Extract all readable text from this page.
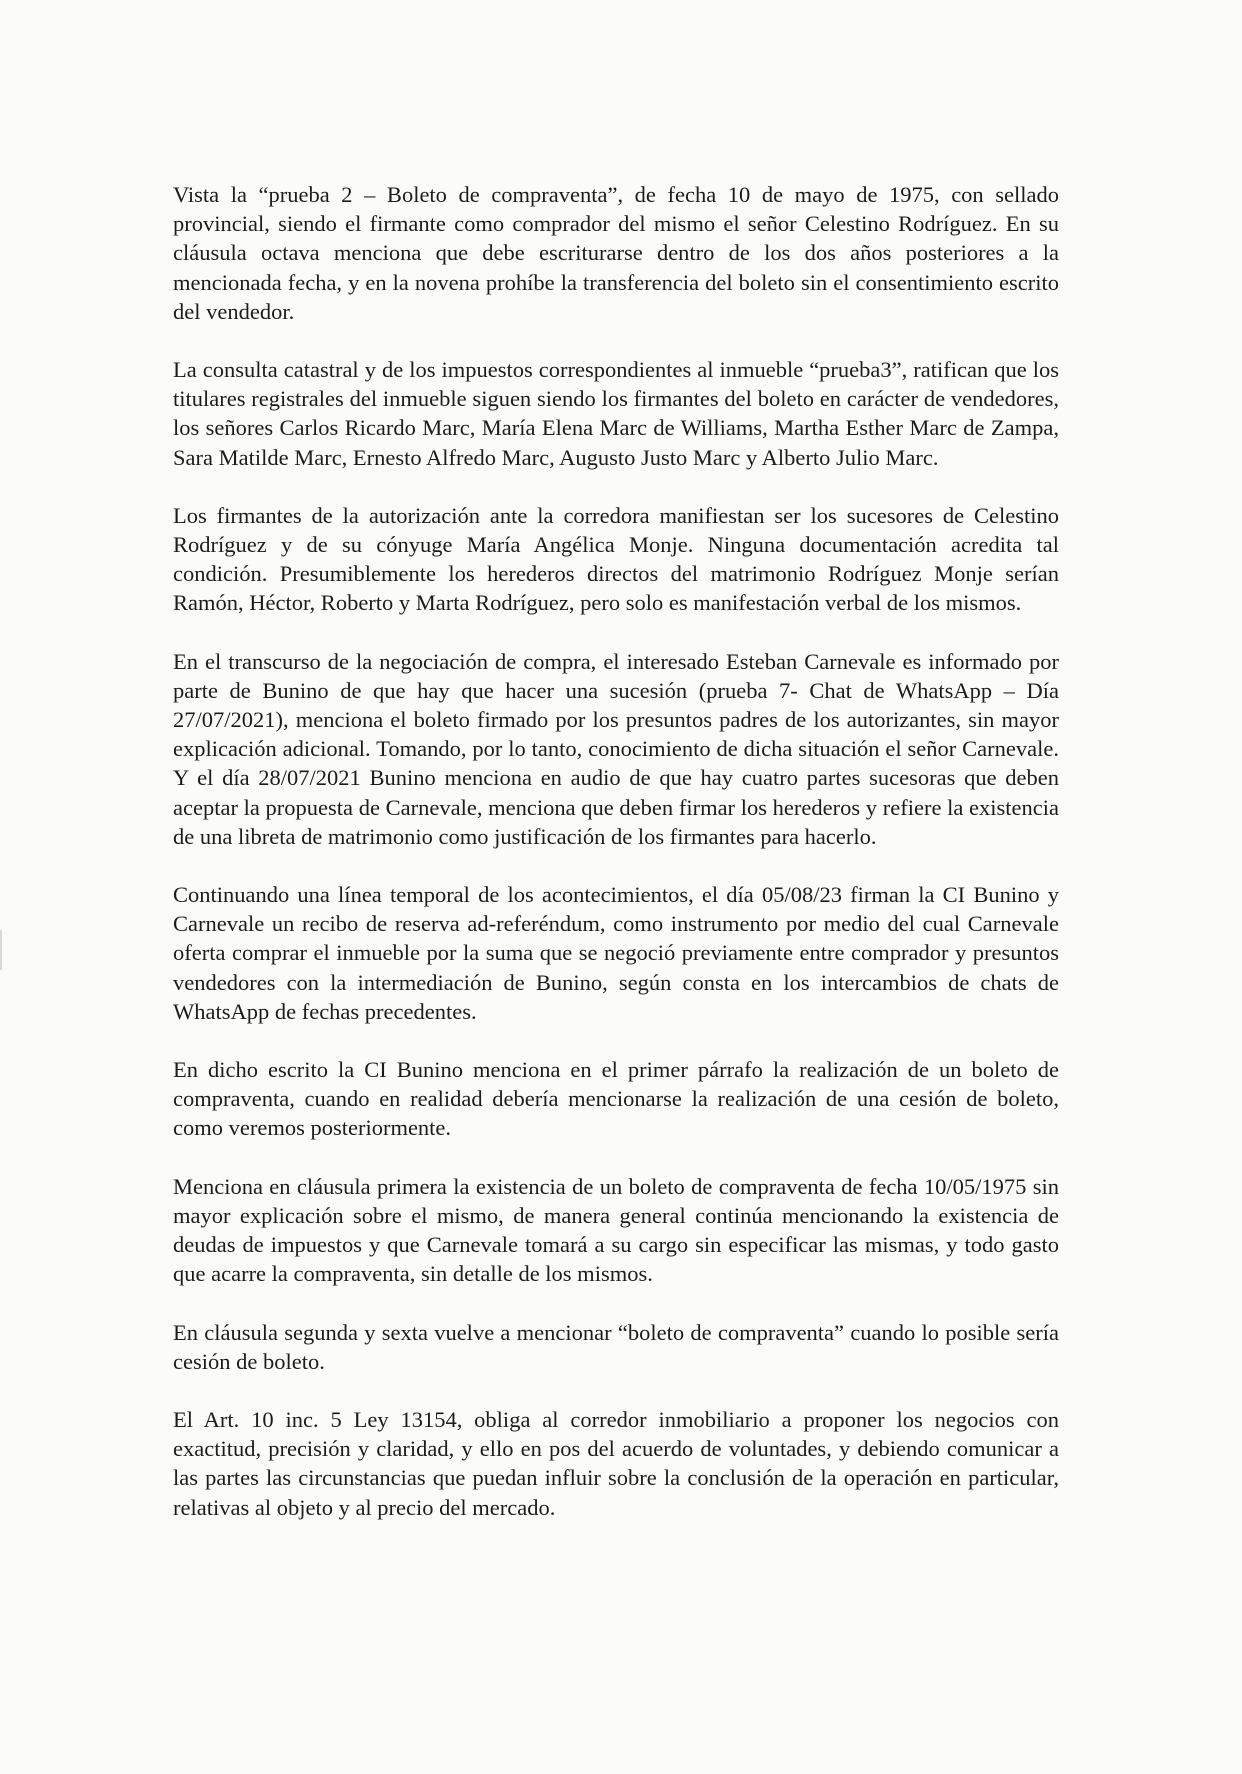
Vista la “prueba 2 – Boleto de compraventa”, de fecha 10 de mayo de 1975, con sellado provincial, siendo el firmante como comprador del mismo el señor Celestino Rodríguez. En su cláusula octava menciona que debe escriturarse dentro de los dos años posteriores a la mencionada fecha, y en la novena prohíbe la transferencia del boleto sin el consentimiento escrito del vendedor.

La consulta catastral y de los impuestos correspondientes al inmueble “prueba3”, ratifican que los titulares registrales del inmueble siguen siendo los firmantes del boleto en carácter de vendedores, los señores Carlos Ricardo Marc, María Elena Marc de Williams, Martha Esther Marc de Zampa, Sara Matilde Marc, Ernesto Alfredo Marc, Augusto Justo Marc y Alberto Julio Marc.

Los firmantes de la autorización ante la corredora manifiestan ser los sucesores de Celestino Rodríguez y de su cónyuge María Angélica Monje. Ninguna documentación acredita tal condición. Presumiblemente los herederos directos del matrimonio Rodríguez Monje serían Ramón, Héctor, Roberto y Marta Rodríguez, pero solo es manifestación verbal de los mismos.

En el transcurso de la negociación de compra, el interesado Esteban Carnevale es informado por parte de Bunino de que hay que hacer una sucesión (prueba 7- Chat de WhatsApp – Día 27/07/2021), menciona el boleto firmado por los presuntos padres de los autorizantes, sin mayor explicación adicional. Tomando, por lo tanto, conocimiento de dicha situación el señor Carnevale. Y el día 28/07/2021 Bunino menciona en audio de que hay cuatro partes sucesoras que deben aceptar la propuesta de Carnevale, menciona que deben firmar los herederos y refiere la existencia de una libreta de matrimonio como justificación de los firmantes para hacerlo.

Continuando una línea temporal de los acontecimientos, el día 05/08/23 firman la CI Bunino y Carnevale un recibo de reserva ad-referéndum, como instrumento por medio del cual Carnevale oferta comprar el inmueble por la suma que se negoció previamente entre comprador y presuntos vendedores con la intermediación de Bunino, según consta en los intercambios de chats de WhatsApp de fechas precedentes.

En dicho escrito la CI Bunino menciona en el primer párrafo la realización de un boleto de compraventa, cuando en realidad debería mencionarse la realización de una cesión de boleto, como veremos posteriormente.

Menciona en cláusula primera la existencia de un boleto de compraventa de fecha 10/05/1975 sin mayor explicación sobre el mismo, de manera general continúa mencionando la existencia de deudas de impuestos y que Carnevale tomará a su cargo sin especificar las mismas, y todo gasto que acarre la compraventa, sin detalle de los mismos.

En cláusula segunda y sexta vuelve a mencionar “boleto de compraventa” cuando lo posible sería cesión de boleto.

El Art. 10 inc. 5 Ley 13154, obliga al corredor inmobiliario a proponer los negocios con exactitud, precisión y claridad, y ello en pos del acuerdo de voluntades, y debiendo comunicar a las partes las circunstancias que puedan influir sobre la conclusión de la operación en particular, relativas al objeto y al precio del mercado.
